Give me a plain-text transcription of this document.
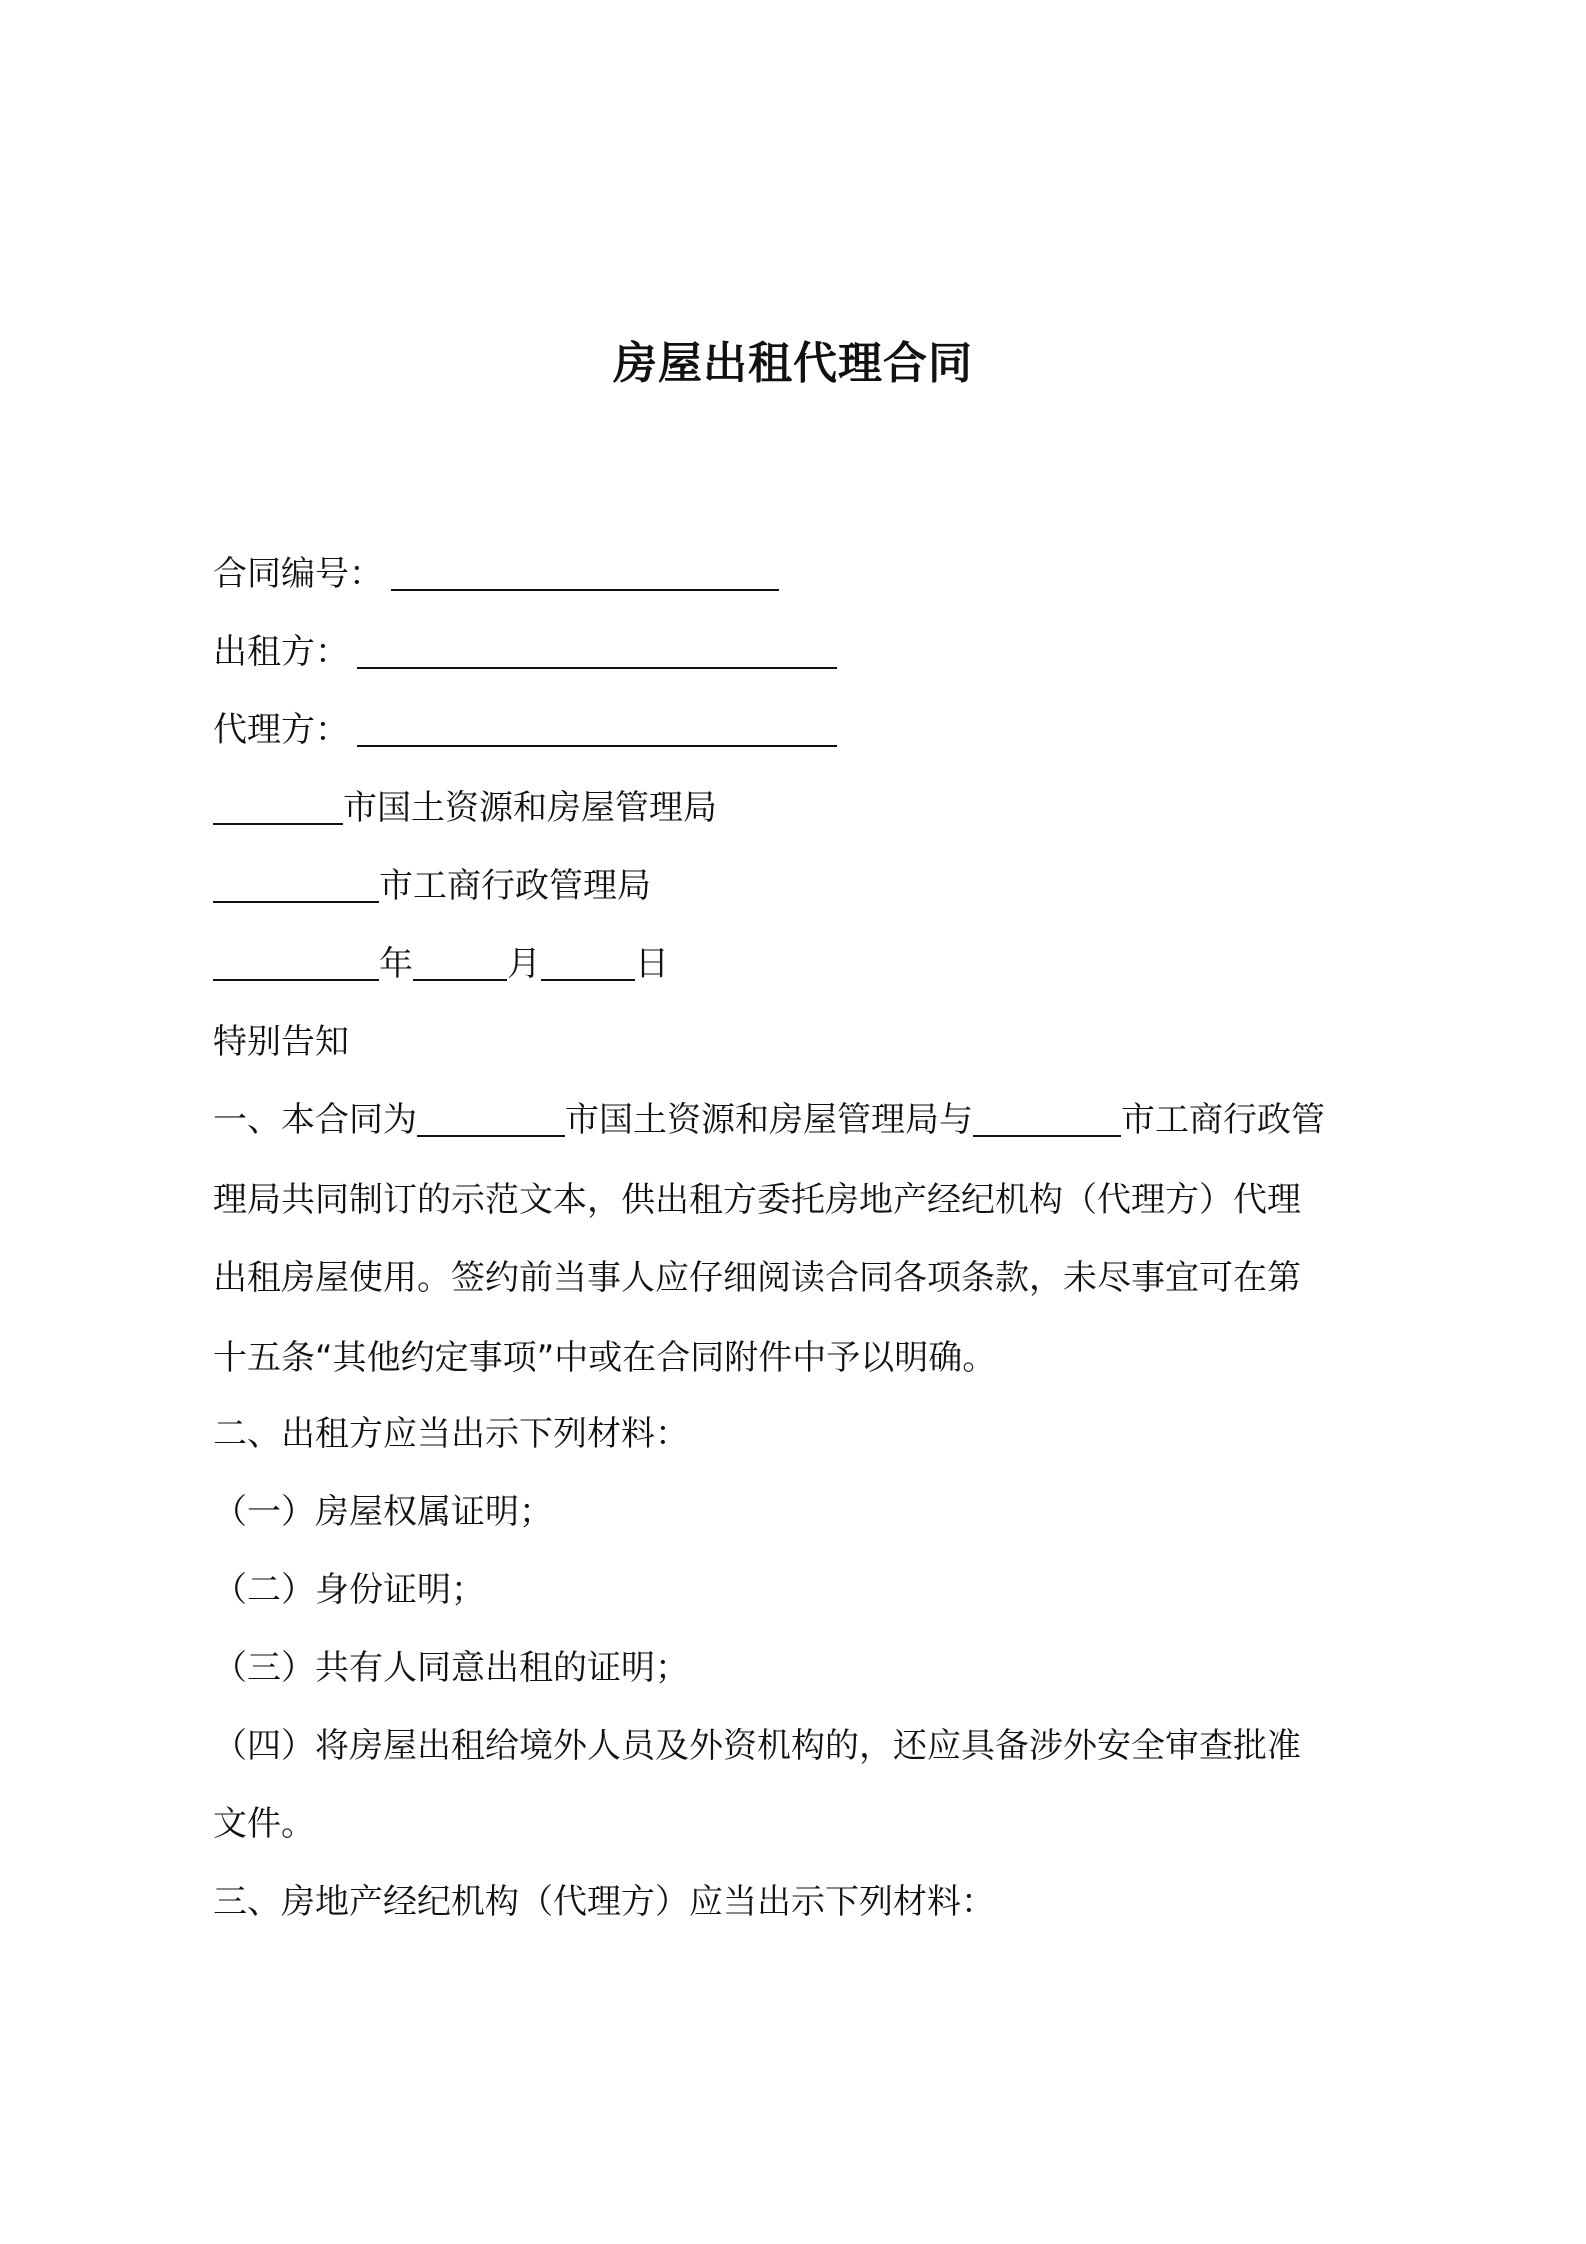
房屋出租代理合同
合同编号：
出租方：
代理方：
市国土资源和房屋管理局
市工商行政管理局
年	月	日
特别告知
一、本合同为	市国土资源和房屋管理局与	市工商行政管
理局共同制订的示范文本，供出租方委托房地产经纪机构（代理方）代理
出租房屋使用。签约前当事人应仔细阅读合同各项条款，未尽事宜可在第
十五条“其他约定事项”中或在合同附件中予以明确。
二、出租方应当出示下列材料：
（一）房屋权属证明；
（二）身份证明；
（三）共有人同意出租的证明；
（四）将房屋出租给境外人员及外资机构的，还应具备涉外安全审查批准
文件。
三、房地产经纪机构（代理方）应当出示下列材料：
